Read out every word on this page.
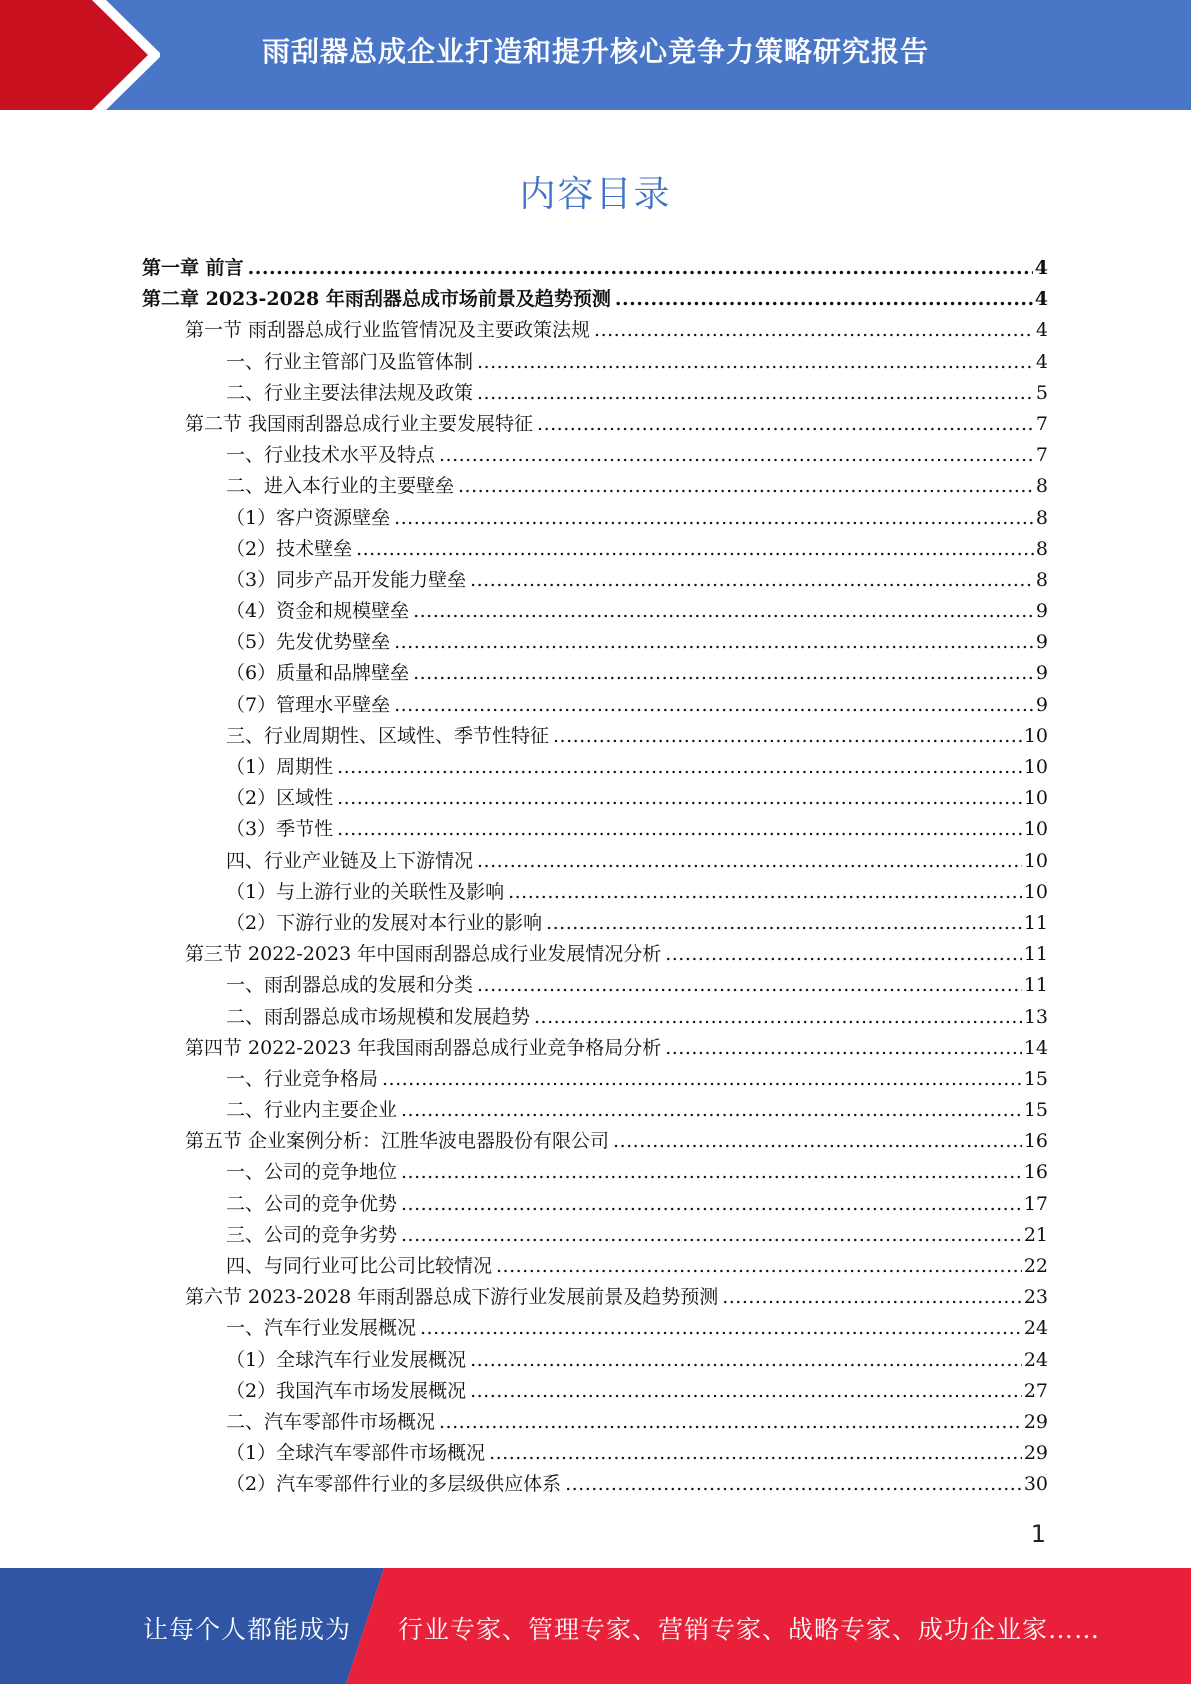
雨刮器总成企业打造和提升核心竞争力策略研究报告
内容目录
第一章 前言 .....	4
第二章 2023-2028 年雨刮器总成市场前景及趋势预测 .....	4
第一节 雨刮器总成行业监管情况及主要政策法规 .....	4
一、行业主管部门及监管体制 .....	4
二、行业主要法律法规及政策 .....	5
第二节 我国雨刮器总成行业主要发展特征 .....	7
一、行业技术水平及特点 .....	7
二、进入本行业的主要壁垒 .....	8
（1）客户资源壁垒 .....	8
（2）技术壁垒 .....	8
（3）同步产品开发能力壁垒 .....	8
（4）资金和规模壁垒 .....	9
（5）先发优势壁垒 .....	9
（6）质量和品牌壁垒 .....	9
（7）管理水平壁垒 .....	9
三、行业周期性、区域性、季节性特征 .....	10
（1）周期性 .....	10
（2）区域性 .....	10
（3）季节性 .....	10
四、行业产业链及上下游情况 .....	10
（1）与上游行业的关联性及影响 .....	10
（2）下游行业的发展对本行业的影响 .....	11
第三节 2022-2023 年中国雨刮器总成行业发展情况分析 .....	11
一、雨刮器总成的发展和分类 .....	11
二、雨刮器总成市场规模和发展趋势 .....	13
第四节 2022-2023 年我国雨刮器总成行业竞争格局分析 .....	14
一、行业竞争格局 .....	15
二、行业内主要企业 .....	15
第五节 企业案例分析：江胜华波电器股份有限公司 .....	16
一、公司的竞争地位 .....	16
二、公司的竞争优势 .....	17
三、公司的竞争劣势 .....	21
四、与同行业可比公司比较情况 .....	22
第六节 2023-2028 年雨刮器总成下游行业发展前景及趋势预测 .....	23
一、汽车行业发展概况 .....	24
（1）全球汽车行业发展概况 .....	24
（2）我国汽车市场发展概况 .....	27
二、汽车零部件市场概况 .....	29
（1）全球汽车零部件市场概况 .....	29
（2）汽车零部件行业的多层级供应体系 .....	30
1
让每个人都能成为 行业专家、管理专家、营销专家、战略专家、成功企业家……
